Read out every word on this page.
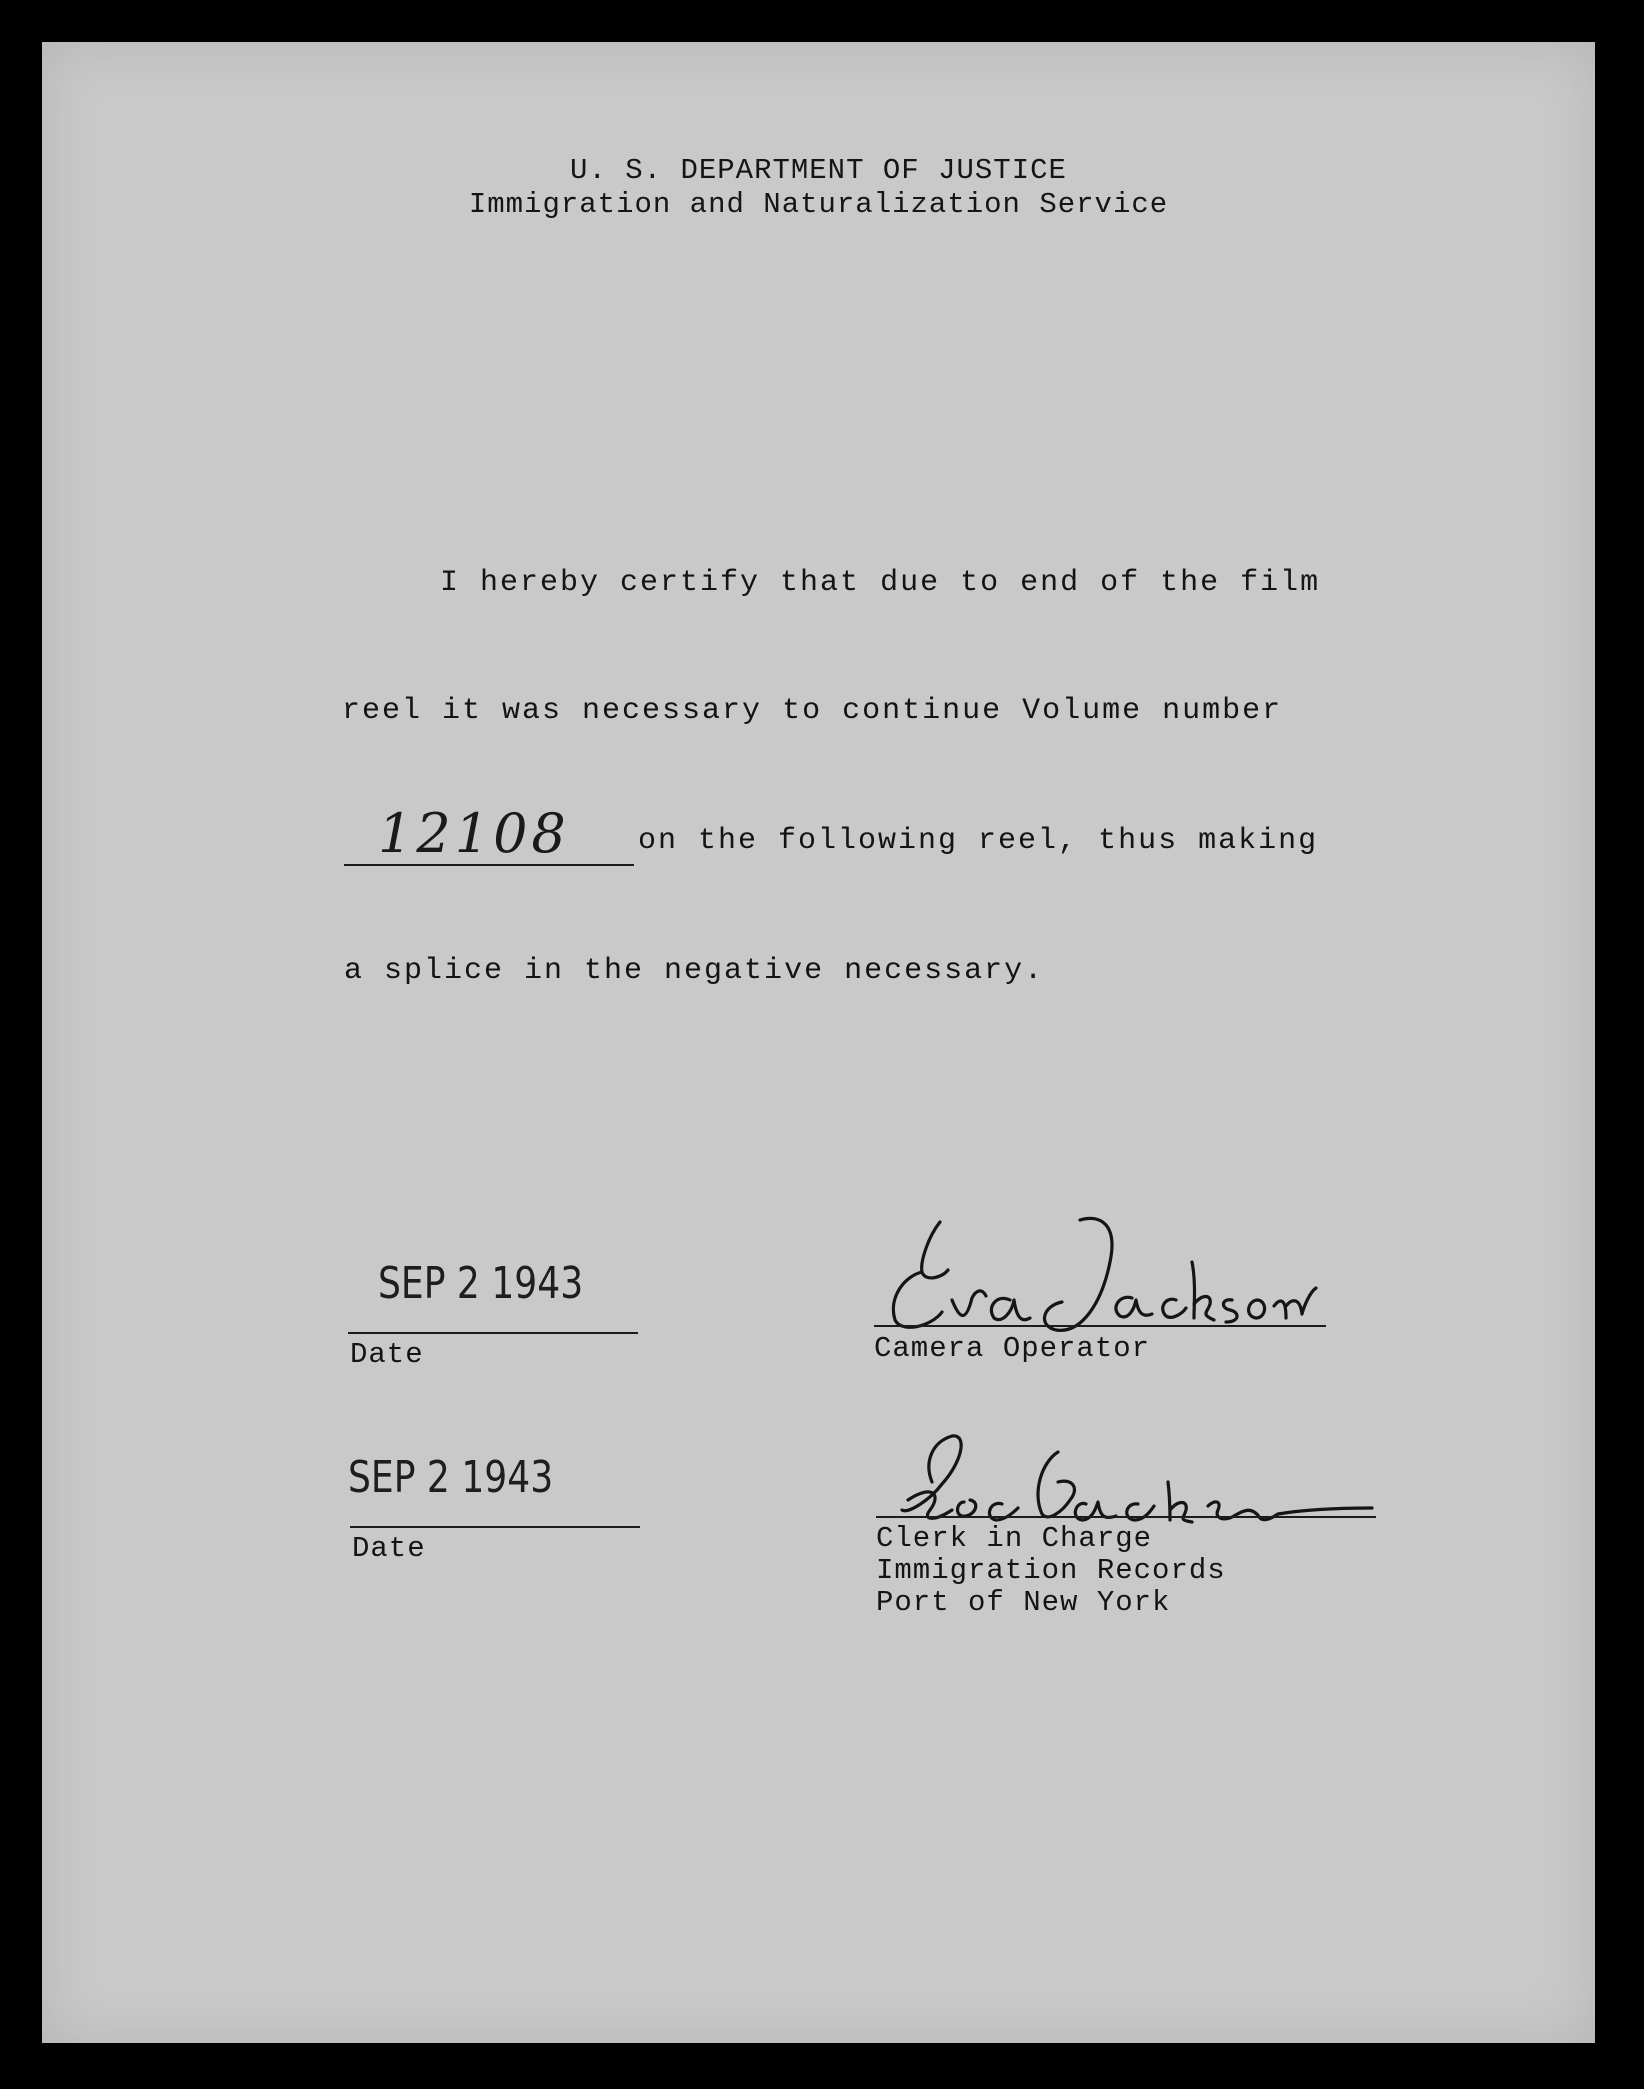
U. S. DEPARTMENT OF JUSTICE
Immigration and Naturalization Service
I hereby certify that due to end of the film
reel it was necessary to continue Volume number
12108 on the following reel, thus making
a splice in the negative necessary.
SEP 2 1943
Date	Camera Operator
SEP 2 1943
Date	Clerk in Charge
Immigration Records
Port of New York
